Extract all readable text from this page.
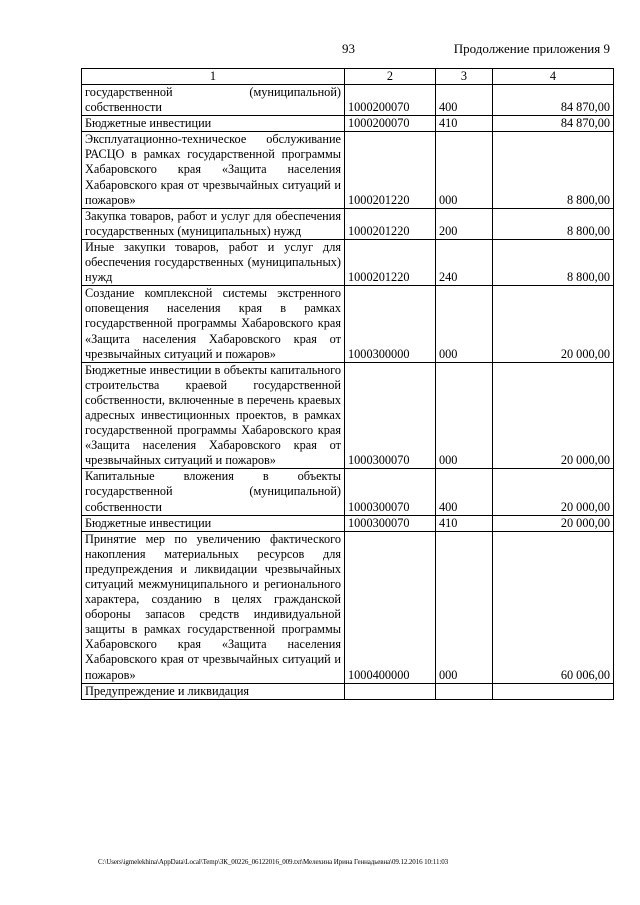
93	Продолжение приложения 9
1	2	3	4

государственной (муниципальной) собственности	1000200070	400	84 870,00

Бюджетные инвестиции	1000200070	410	84 870,00

Эксплуатационно-техническое обслуживание РАСЦО в рамках государственной программы Хабаровского края «Защита населения Хабаровского края от чрезвычайных ситуаций и пожаров»	1000201220	000	8 800,00

Закупка товаров, работ и услуг для обеспечения государственных (муниципальных) нужд	1000201220	200	8 800,00

Иные закупки товаров, работ и услуг для обеспечения государственных (муниципальных) нужд	1000201220	240	8 800,00

Создание комплексной системы экстренного оповещения населения края в рамках государственной программы Хабаровского края «Защита населения Хабаровского края от чрезвычайных ситуаций и пожаров»	1000300000	000	20 000,00

Бюджетные инвестиции в объекты капитального строительства краевой государственной собственности, включенные в перечень краевых адресных инвестиционных проектов, в рамках государственной программы Хабаровского края «Защита населения Хабаровского края от чрезвычайных ситуаций и пожаров»	1000300070	000	20 000,00

Капитальные вложения в объекты государственной (муниципальной) собственности	1000300070	400	20 000,00

Бюджетные инвестиции	1000300070	410	20 000,00

Принятие мер по увеличению фактического накопления материальных ресурсов для предупреждения и ликвидации чрезвычайных ситуаций межмуниципального и регионального характера, созданию в целях гражданской обороны запасов средств индивидуальной защиты в рамках государственной программы Хабаровского края «Защита населения Хабаровского края от чрезвычайных ситуаций и пожаров»	1000400000	000	60 006,00

Предупреждение и ликвидация			

C:\Users\igmelekhina\AppData\Local\Temp\ЗК_00226_06122016_009.txt\Мелехина Ирина Геннадьевна\09.12.2016 10:11:03
